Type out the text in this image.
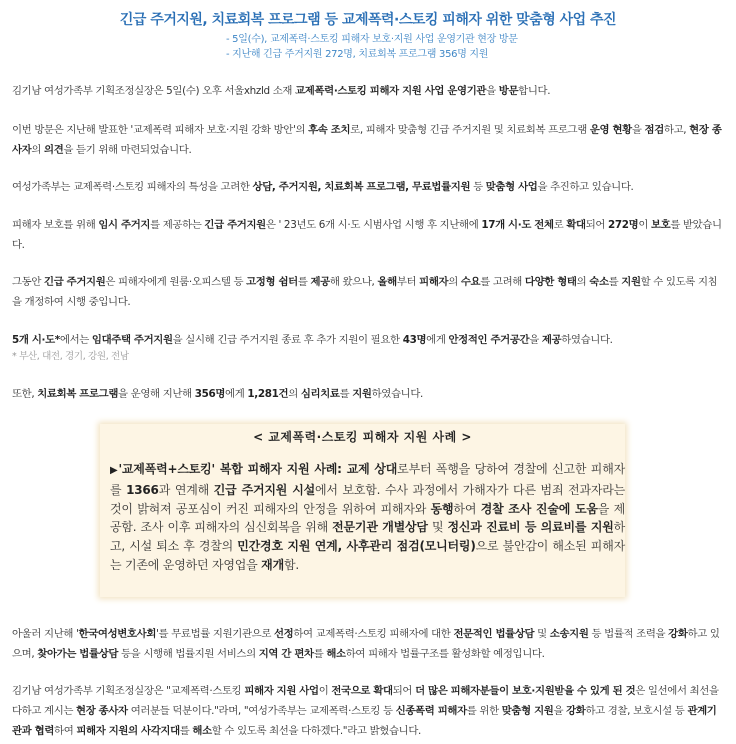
긴급 주거지원, 치료회복 프로그램 등 교제폭력·스토킹 피해자 위한 맞춤형 사업 추진
- 5일(수), 교제폭력·스토킹 피해자 보호·지원 사업 운영기관 현장 방문
- 지난해 긴급 주거지원 272명, 치료회복 프로그램 356명 지원
김기남 여성가족부 기획조정실장은 5일(수) 오후 서울xhzld 소재 교제폭력·스토킹 피해자 지원 사업 운영기관을 방문합니다.
이번 방문은 지난해 발표한 '교제폭력 피해자 보호·지원 강화 방안'의 후속 조치로, 피해자 맞춤형 긴급 주거지원 및 치료회복 프로그램 운영 현황을 점검하고, 현장 종사자의 의견을 듣기 위해 마련되었습니다.
여성가족부는 교제폭력·스토킹 피해자의 특성을 고려한 상담, 주거지원, 치료회복 프로그램, 무료법률지원 등 맞춤형 사업을 추진하고 있습니다.
피해자 보호를 위해 임시 주거지를 제공하는 긴급 주거지원은 ' 23년도 6개 시·도 시범사업 시행 후 지난해에 17개 시·도 전체로 확대되어 272명이 보호를 받았습니다.
그동안 긴급 주거지원은 피해자에게 원룸·오피스텔 등 고정형 쉼터를 제공해 왔으나, 올해부터 피해자의 수요를 고려해 다양한 형태의 숙소를 지원할 수 있도록 지침을 개정하여 시행 중입니다.
5개 시·도*에서는 임대주택 주거지원을 실시해 긴급 주거지원 종료 후 추가 지원이 필요한 43명에게 안정적인 주거공간을 제공하였습니다.
* 부산, 대전, 경기, 강원, 전남
또한, 치료회복 프로그램을 운영해 지난해 356명에게 1,281건의 심리치료를 지원하였습니다.
< 교제폭력·스토킹 피해자 지원 사례 >
▶'교제폭력+스토킹' 복합 피해자 지원 사례: 교제 상대로부터 폭행을 당하여 경찰에 신고한 피해자를 1366과 연계해 긴급 주거지원 시설에서 보호함. 수사 과정에서 가해자가 다른 범죄 전과자라는 것이 밝혀져 공포심이 커진 피해자의 안정을 위하여 피해자와 동행하여 경찰 조사 진술에 도움을 제공함. 조사 이후 피해자의 심신회복을 위해 전문기관 개별상담 및 정신과 진료비 등 의료비를 지원하고, 시설 퇴소 후 경찰의 민간경호 지원 연계, 사후관리 점검(모니터링)으로 불안감이 해소된 피해자는 기존에 운영하던 자영업을 재개함.
아울러 지난해 '한국여성변호사회'를 무료법률 지원기관으로 선정하여 교제폭력·스토킹 피해자에 대한 전문적인 법률상담 및 소송지원 등 법률적 조력을 강화하고 있으며, 찾아가는 법률상담 등을 시행해 법률지원 서비스의 지역 간 편차를 해소하여 피해자 법률구조를 활성화할 예정입니다.
김기남 여성가족부 기획조정실장은 "교제폭력·스토킹 피해자 지원 사업이 전국으로 확대되어 더 많은 피해자분들이 보호·지원받을 수 있게 된 것은 일선에서 최선을 다하고 계시는 현장 종사자 여러분들 덕분이다."라며, "여성가족부는 교제폭력·스토킹 등 신종폭력 피해자를 위한 맞춤형 지원을 강화하고 경찰, 보호시설 등 관계기관과 협력하여 피해자 지원의 사각지대를 해소할 수 있도록 최선을 다하겠다."라고 밝혔습니다.
